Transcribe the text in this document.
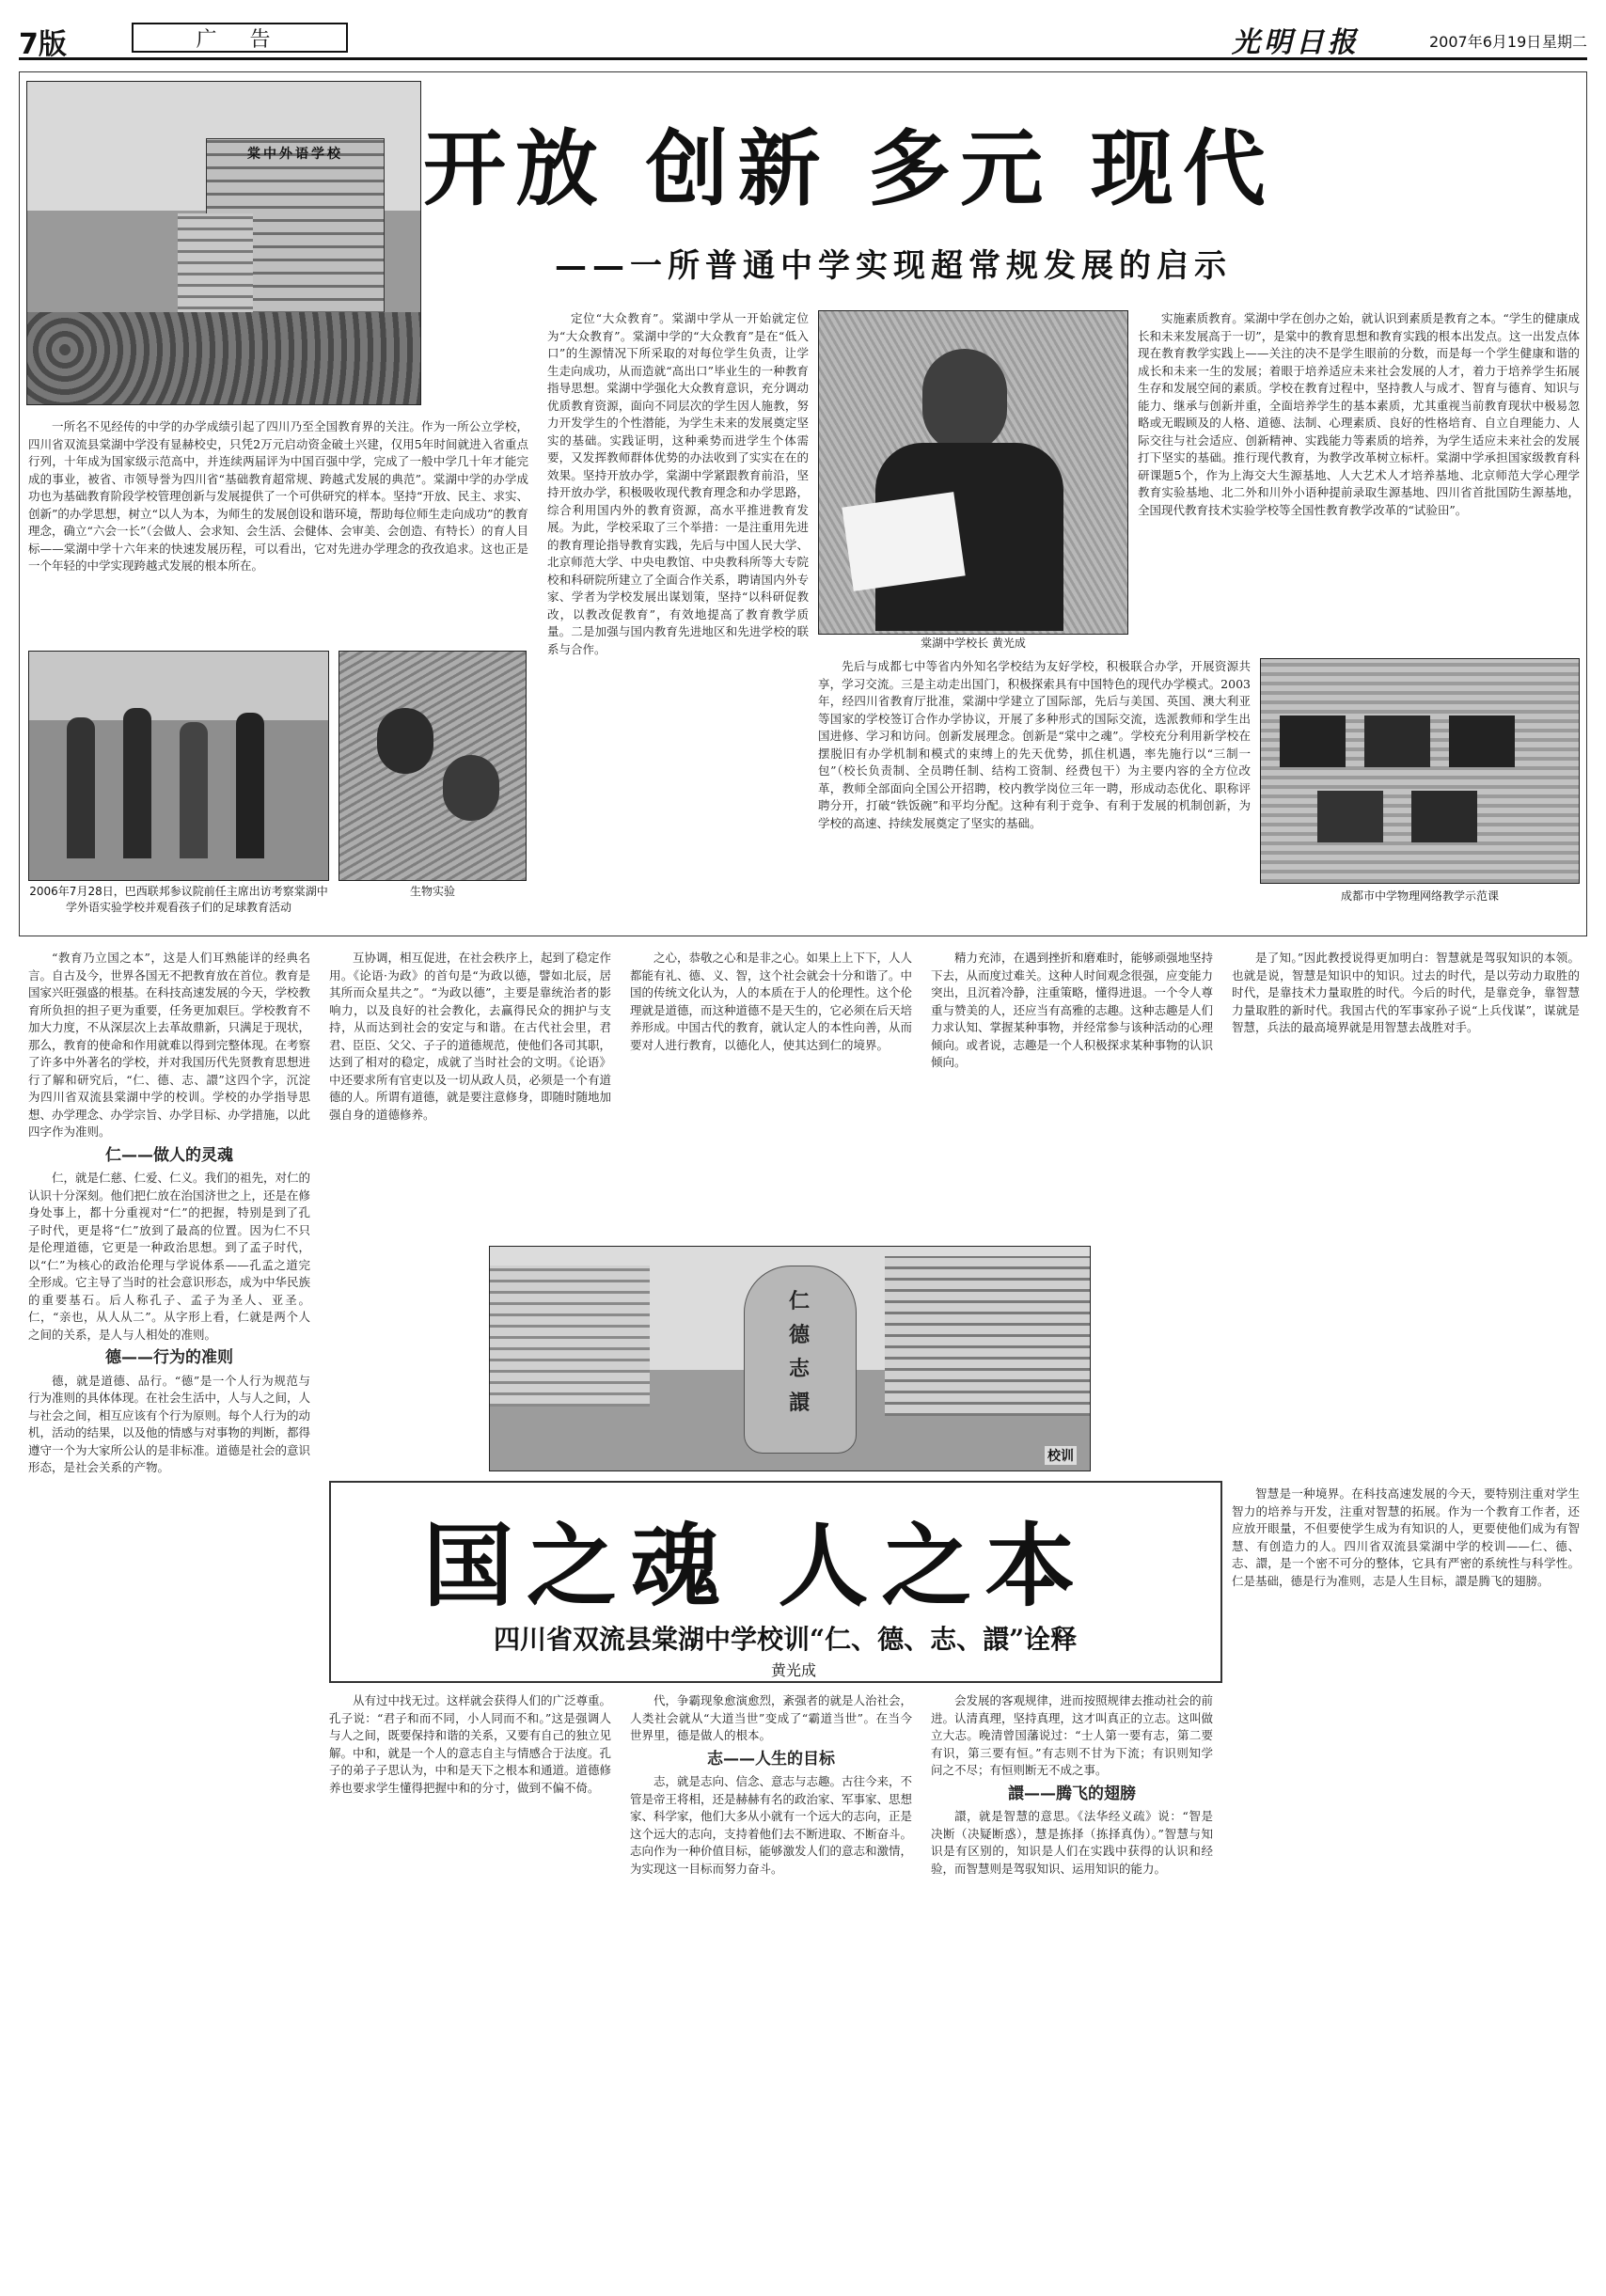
7版	广 告	光明日报	2007年6月19日 星期二
棠中外语学校 开放 创新 多元 现代
——一所普通中学实现超常规发展的启示

一所名不见经传的中学的办学成绩引起了四川乃至全国教育界的关注。作为一所公立学校，四川省双流县棠湖中学没有显赫校史，只凭2万元启动资金破土兴建，仅用5年时间就进入省重点行列，十年成为国家级示范高中，并连续两届评为中国百强中学，完成了一般中学几十年才能完成的事业，被省、市领导誉为四川省“基础教育超常规、跨越式发展的典范”。棠湖中学的办学成功也为基础教育阶段学校管理创新与发展提供了一个可供研究的样本。坚持“开放、民主、求实、创新”的办学思想，树立“以人为本，为师生的发展创设和谐环境，帮助每位师生走向成功”的教育理念，确立“六会一长”（会做人、会求知、会生活、会健体、会审美、会创造、有特长）的育人目标——棠湖中学十六年来的快速发展历程，可以看出，它对先进办学理念的孜孜追求。这也正是一个年轻的中学实现跨越式发展的根本所在。

定位“大众教育”。棠湖中学从一开始就定位为“大众教育”。棠湖中学的“大众教育”是在“低入口”的生源情况下所采取的对每位学生负责，让学生走向成功，从而造就“高出口”毕业生的一种教育指导思想。棠湖中学强化大众教育意识，充分调动优质教育资源，面向不同层次的学生因人施教，努力开发学生的个性潜能，为学生未来的发展奠定坚实的基础。实践证明，这种乘势而进学生个体需要，又发挥教师群体优势的办法收到了实实在在的效果。坚持开放办学，棠湖中学紧跟教育前沿，坚持开放办学，积极吸收现代教育理念和办学思路，综合利用国内外的教育资源，高水平推进教育发展。为此，学校采取了三个举措：一是注重用先进的教育理论指导教育实践，先后与中国人民大学、北京师范大学、中央电教馆、中央教科所等大专院校和科研院所建立了全面合作关系，聘请国内外专家、学者为学校发展出谋划策，坚持“以科研促教改，以教改促教育”，有效地提高了教育教学质量。二是加强与国内教育先进地区和先进学校的联系与合作。	棠湖中学校长 黄光成

先后与成都七中等省内外知名学校结为友好学校，积极联合办学，开展资源共享，学习交流。三是主动走出国门，积极探索具有中国特色的现代办学模式。2003年，经四川省教育厅批准，棠湖中学建立了国际部，先后与美国、英国、澳大利亚等国家的学校签订合作办学协议，开展了多种形式的国际交流，选派教师和学生出国进修、学习和访问。创新发展理念。创新是“棠中之魂”。学校充分利用新学校在摆脱旧有办学机制和模式的束缚上的先天优势，抓住机遇，率先施行以“三制一包”（校长负责制、全员聘任制、结构工资制、经费包干）为主要内容的全方位改革，教师全部面向全国公开招聘，校内教学岗位三年一聘，形成动态优化、职称评聘分开，打破“铁饭碗”和平均分配。这种有利于竞争、有利于发展的机制创新，为学校的高速、持续发展奠定了坚实的基础。

实施素质教育。棠湖中学在创办之始，就认识到素质是教育之本。“学生的健康成长和未来发展高于一切”，是棠中的教育思想和教育实践的根本出发点。这一出发点体现在教育教学实践上——关注的决不是学生眼前的分数，而是每一个学生健康和谐的成长和未来一生的发展；着眼于培养适应未来社会发展的人才，着力于培养学生拓展生存和发展空间的素质。学校在教育过程中，坚持教人与成才、智育与德育、知识与能力、继承与创新并重，全面培养学生的基本素质，尤其重视当前教育现状中极易忽略或无暇顾及的人格、道德、法制、心理素质、良好的性格培育、自立自理能力、人际交往与社会适应、创新精神、实践能力等素质的培养，为学生适应未来社会的发展打下坚实的基础。推行现代教育，为教学改革树立标杆。棠湖中学承担国家级教育科研课题5个，作为上海交大生源基地、人大艺术人才培养基地、北京师范大学心理学教育实验基地、北二外和川外小语种提前录取生源基地、四川省首批国防生源基地，全国现代教育技术实验学校等全国性教育教学改革的“试验田”。

2006年7月28日，巴西联邦参议院前任主席出访考察棠湖中学外语实验学校并观看孩子们的足球教育活动
生物实验	成都市中学物理网络教学示范课

“教育乃立国之本”，这是人们耳熟能详的经典名言。自古及今，世界各国无不把教育放在首位。教育是国家兴旺强盛的根基。在科技高速发展的今天，学校教育所负担的担子更为重要，任务更加艰巨。学校教育不加大力度，不从深层次上去革故鼎新，只满足于现状，那么，教育的使命和作用就难以得到完整体现。在考察了许多中外著名的学校，并对我国历代先贤教育思想进行了解和研究后，“仁、德、志、譞”这四个字，沉淀为四川省双流县棠湖中学的校训。学校的办学指导思想、办学理念、办学宗旨、办学目标、办学措施，以此四字作为准则。

仁——做人的灵魂

仁，就是仁慈、仁爱、仁义。我们的祖先，对仁的认识十分深刻。他们把仁放在治国济世之上，还是在修身处事上，都十分重视对“仁”的把握，特别是到了孔子时代，更是将“仁”放到了最高的位置。因为仁不只是伦理道德，它更是一种政治思想。到了孟子时代，以“仁”为核心的政治伦理与学说体系——孔孟之道完全形成。它主导了当时的社会意识形态，成为中华民族的重要基石。后人称孔子、孟子为圣人、亚圣。仁，“亲也，从人从二”。从字形上看，仁就是两个人之间的关系，是人与人相处的准则。

德——行为的准则

德，就是道德、品行。“德”是一个人行为规范与行为准则的具体体现。在社会生活中，人与人之间，人与社会之间，相互应该有个行为原则。每个人行为的动机，活动的结果，以及他的情感与对事物的判断，都得遵守一个为大家所公认的是非标准。道德是社会的意识形态，是社会关系的产物。

互协调，相互促进，在社会秩序上，起到了稳定作用。《论语·为政》的首句是“为政以德，譬如北辰，居其所而众星共之”。“为政以德”，主要是靠统治者的影响力，以及良好的社会教化，去赢得民众的拥护与支持，从而达到社会的安定与和谐。在古代社会里，君君、臣臣、父父、子子的道德规范，使他们各司其职，达到了相对的稳定，成就了当时社会的文明。《论语》中还要求所有官吏以及一切从政人员，必须是一个有道德的人。所谓有道德，就是要注意修身，即随时随地加强自身的道德修养。

之心，恭敬之心和是非之心。如果上上下下，人人都能有礼、德、义、智，这个社会就会十分和谐了。中国的传统文化认为，人的本质在于人的伦理性。这个伦理就是道德，而这种道德不是天生的，它必须在后天培养形成。中国古代的教育，就认定人的本性向善，从而要对人进行教育，以德化人，使其达到仁的境界。

精力充沛，在遇到挫折和磨难时，能够顽强地坚持下去，从而度过难关。这种人时间观念很强，应变能力突出，且沉着冷静，注重策略，懂得进退。一个令人尊重与赞美的人，还应当有高雅的志趣。这种志趣是人们力求认知、掌握某种事物，并经常参与该种活动的心理倾向。或者说，志趣是一个人积极探求某种事物的认识倾向。

是了知。”因此教授说得更加明白：智慧就是驾驭知识的本领。也就是说，智慧是知识中的知识。过去的时代，是以劳动力取胜的时代，是靠技术力量取胜的时代。今后的时代，是靠竞争，靠智慧力量取胜的新时代。我国古代的军事家孙子说“上兵伐谋”，谋就是智慧，兵法的最高境界就是用智慧去战胜对手。

仁德志譞
校训
国之魂 人之本
四川省双流县棠湖中学校训“仁、德、志、譞”诠释
黄光成

从有过中找无过。这样就会获得人们的广泛尊重。孔子说：“君子和而不同，小人同而不和。”这是强调人与人之间，既要保持和谐的关系，又要有自己的独立见解。中和，就是一个人的意志自主与情感合于法度。孔子的弟子子思认为，中和是天下之根本和通道。道德修养也要求学生懂得把握中和的分寸，做到不偏不倚。

代，争霸现象愈演愈烈，紊强者的就是人治社会，人类社会就从“大道当世”变成了“霸道当世”。在当今世界里，德是做人的根本。

志——人生的目标

志，就是志向、信念、意志与志趣。古往今来，不管是帝王将相，还是赫赫有名的政治家、军事家、思想家、科学家，他们大多从小就有一个远大的志向，正是这个远大的志向，支持着他们去不断进取、不断奋斗。志向作为一种价值目标，能够激发人们的意志和激情，为实现这一目标而努力奋斗。

会发展的客观规律，进而按照规律去推动社会的前进。认清真理，坚持真理，这才叫真正的立志。这叫做立大志。晚清曾国藩说过：“士人第一要有志，第二要有识，第三要有恒。”有志则不甘为下流；有识则知学问之不尽；有恒则断无不成之事。

譞——腾飞的翅膀

譞，就是智慧的意思。《法华经义疏》说：“智是决断（决疑断惑），慧是拣择（拣择真伪）。”智慧与知识是有区别的，知识是人们在实践中获得的认识和经验，而智慧则是驾驭知识、运用知识的能力。

智慧是一种境界。在科技高速发展的今天，要特别注重对学生智力的培养与开发，注重对智慧的拓展。作为一个教育工作者，还应放开眼量，不但要使学生成为有知识的人，更要使他们成为有智慧、有创造力的人。四川省双流县棠湖中学的校训——仁、德、志、譞，是一个密不可分的整体，它具有严密的系统性与科学性。仁是基础，德是行为准则，志是人生目标，譞是腾飞的翅膀。
